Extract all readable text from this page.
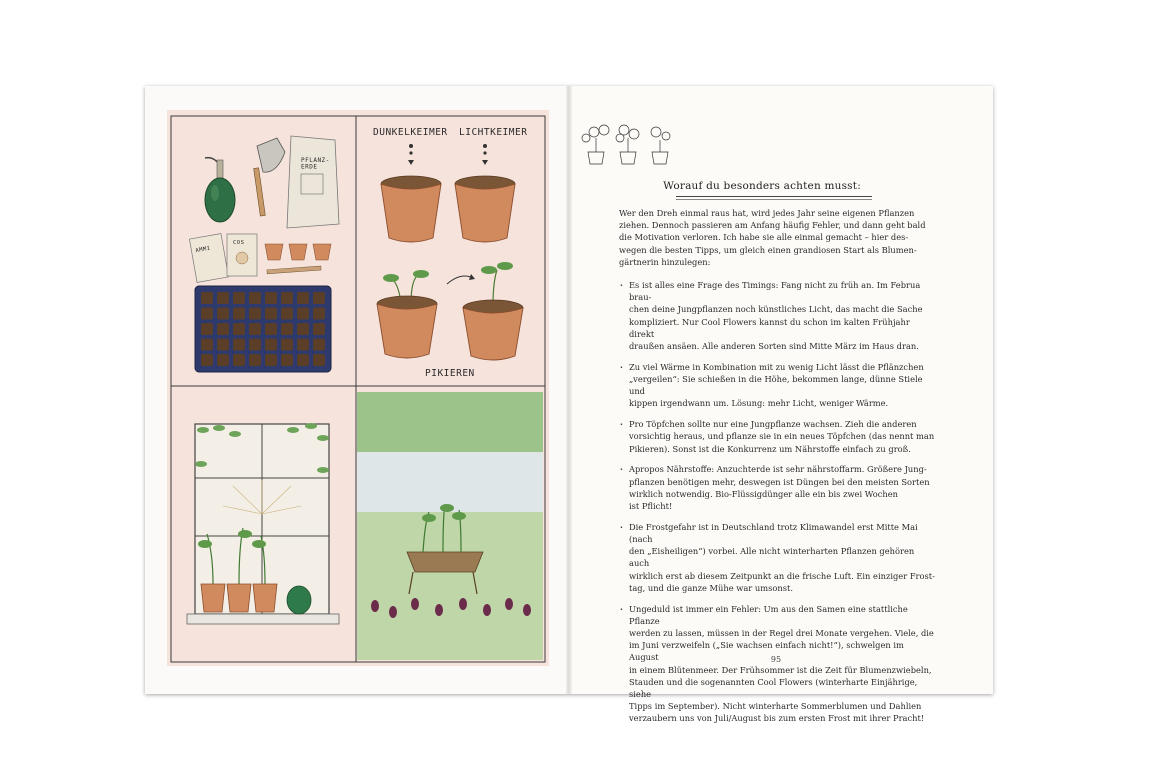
PFLANZ-ERDE
AMMI
COS
DUNKELKEIMER LICHTKEIMER
PIKIEREN
Worauf du besonders achten musst:

Wer den Dreh einmal raus hat, wird jedes Jahr seine eigenen Pflanzen
ziehen. Dennoch passieren am Anfang häufig Fehler, und dann geht bald
die Motivation verloren. Ich habe sie alle einmal gemacht – hier des-
wegen die besten Tipps, um gleich einen grandiosen Start als Blumen-
gärtnerin hinzulegen:

· Es ist alles eine Frage des Timings: Fang nicht zu früh an. Im Februa brau-
chen deine Jungpflanzen noch künstliches Licht, das macht die Sache
kompliziert. Nur Cool Flowers kannst du schon im kalten Frühjahr direkt
draußen ansäen. Alle anderen Sorten sind Mitte März im Haus dran.
· Zu viel Wärme in Kombination mit zu wenig Licht lässt die Pflänzchen
„vergeilen“: Sie schießen in die Höhe, bekommen lange, dünne Stiele und
kippen irgendwann um. Lösung: mehr Licht, weniger Wärme.
· Pro Töpfchen sollte nur eine Jungpflanze wachsen. Zieh die anderen
vorsichtig heraus, und pflanze sie in ein neues Töpfchen (das nennt man
Pikieren). Sonst ist die Konkurrenz um Nährstoffe einfach zu groß.
· Apropos Nährstoffe: Anzuchterde ist sehr nährstoffarm. Größere Jung-
pflanzen benötigen mehr, deswegen ist Düngen bei den meisten Sorten
wirklich notwendig. Bio-Flüssigdünger alle ein bis zwei Wochen
ist Pflicht!
· Die Frostgefahr ist in Deutschland trotz Klimawandel erst Mitte Mai (nach
den „Eisheiligen“) vorbei. Alle nicht winterharten Pflanzen gehören auch
wirklich erst ab diesem Zeitpunkt an die frische Luft. Ein einziger Frost-
tag, und die ganze Mühe war umsonst.
· Ungeduld ist immer ein Fehler: Um aus den Samen eine stattliche Pflanze
werden zu lassen, müssen in der Regel drei Monate vergehen. Viele, die
im Juni verzweifeln („Sie wachsen einfach nicht!“), schwelgen im August
in einem Blütenmeer. Der Frühsommer ist die Zeit für Blumenzwiebeln,
Stauden und die sogenannten Cool Flowers (winterharte Einjährige, siehe
Tipps im September). Nicht winterharte Sommerblumen und Dahlien
verzaubern uns von Juli/August bis zum ersten Frost mit ihrer Pracht!
95
